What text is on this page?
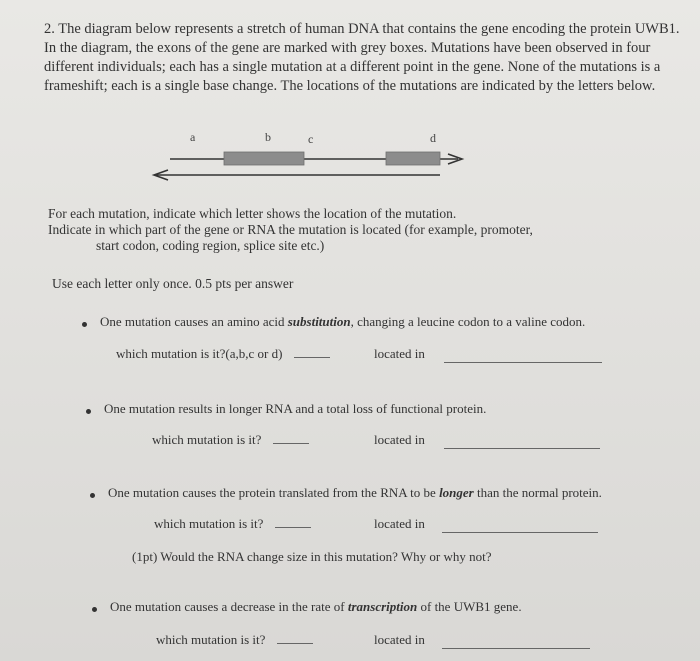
2. The diagram below represents a stretch of human DNA that contains the gene encoding the protein UWB1. In the diagram, the exons of the gene are marked with grey boxes. Mutations have been observed in four different individuals; each has a single mutation at a different point in the gene. None of the mutations is a frameshift; each is a single base change. The locations of the mutations are indicated by the letters below.
a	b	c	d
For each mutation, indicate which letter shows the location of the mutation.
Indicate in which part of the gene or RNA the mutation is located (for example, promoter,
start codon, coding region, splice site etc.)
Use each letter only once. 0.5 pts per answer
One mutation causes an amino acid substitution, changing a leucine codon to a valine codon.
which mutation is it?(a,b,c or d)	located in
One mutation results in longer RNA and a total loss of functional protein.
which mutation is it?	located in
One mutation causes the protein translated from the RNA to be longer than the normal protein.
which mutation is it?	located in
(1pt) Would the RNA change size in this mutation? Why or why not?
One mutation causes a decrease in the rate of transcription of the UWB1 gene.
which mutation is it?	located in
